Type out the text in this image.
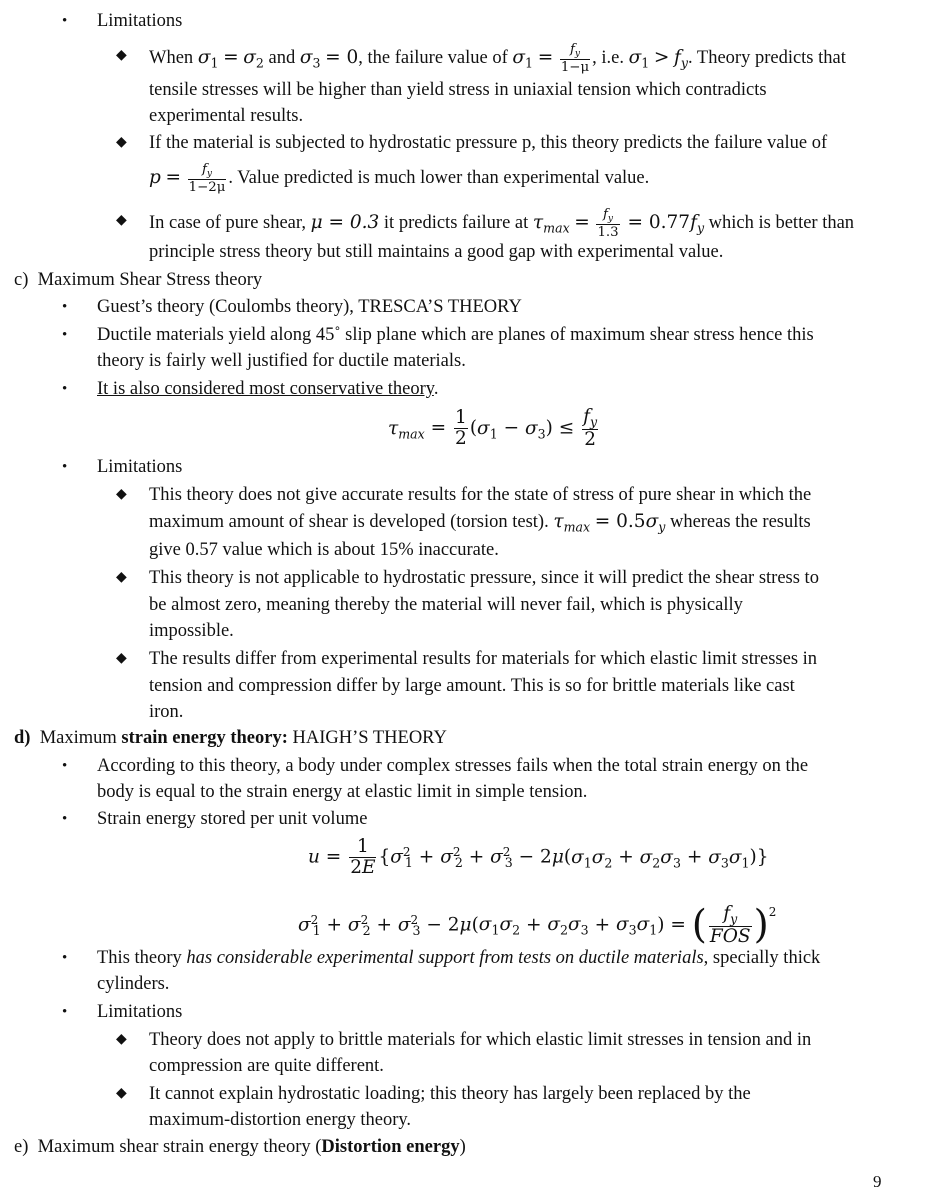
• Limitations
◆ When $\sigma_1 = \sigma_2$ and $\sigma_3 = 0$, the failure value of $\sigma_1 = \frac{f_y}{1-\mu}$ , i.e. $\sigma_1 > f_y$. Theory predicts that
tensile stresses will be higher than yield stress in uniaxial tension which contradicts
experimental results.
◆ If the material is subjected to hydrostatic pressure p, this theory predicts the failure value of
$p = \frac{f_y}{1-2\mu}$ . Value predicted is much lower than experimental value.
◆ In case of pure shear, μ = 0.3 it predicts failure at $\tau_{max} = \frac{f_y}{1.3} = 0.77f_y$ which is better than
principle stress theory but still maintains a good gap with experimental value.
c) Maximum Shear Stress theory
• Guest’s theory (Coulombs theory), TRESCA’S THEORY
• Ductile materials yield along 45˚ slip plane which are planes of maximum shear stress hence this
theory is fairly well justified for ductile materials.
• It is also considered most conservative theory.
$\tau_{max} = \frac{1}{2} (\sigma_1 - \sigma_3) \le \frac{f_y}{2}$
• Limitations
◆ This theory does not give accurate results for the state of stress of pure shear in which the
maximum amount of shear is developed (torsion test). $\tau_{max} = 0.5\sigma_y$ whereas the results
give 0.57 value which is about 15% inaccurate.
◆ This theory is not applicable to hydrostatic pressure, since it will predict the shear stress to
be almost zero, meaning thereby the material will never fail, which is physically
impossible.
◆ The results differ from experimental results for materials for which elastic limit stresses in
tension and compression differ by large amount. This is so for brittle materials like cast
iron.
d) Maximum strain energy theory: HAIGH’S THEORY
• According to this theory, a body under complex stresses fails when the total strain energy on the
body is equal to the strain energy at elastic limit in simple tension.
• Strain energy stored per unit volume
$u = \frac{1}{2E} \{\sigma^2_1 + \sigma^2_2 + \sigma^2_3 - 2\mu(\sigma_1\sigma_2 + \sigma_2\sigma_3 + \sigma_3\sigma_1)\}$
$\sigma^2_1 + \sigma^2_2 + \sigma^2_3 - 2\mu(\sigma_1\sigma_2 + \sigma_2\sigma_3 + \sigma_3\sigma_1)$ = ( $\frac{f_y}{\text{FOS}} )^2$
• This theory has considerable experimental support from tests on ductile materials, specially thick
cylinders.
• Limitations
◆ Theory does not apply to brittle materials for which elastic limit stresses in tension and in
compression are quite different.
◆ It cannot explain hydrostatic loading; this theory has largely been replaced by the
maximum-distortion energy theory.
e) Maximum shear strain energy theory (Distortion energy)
9
